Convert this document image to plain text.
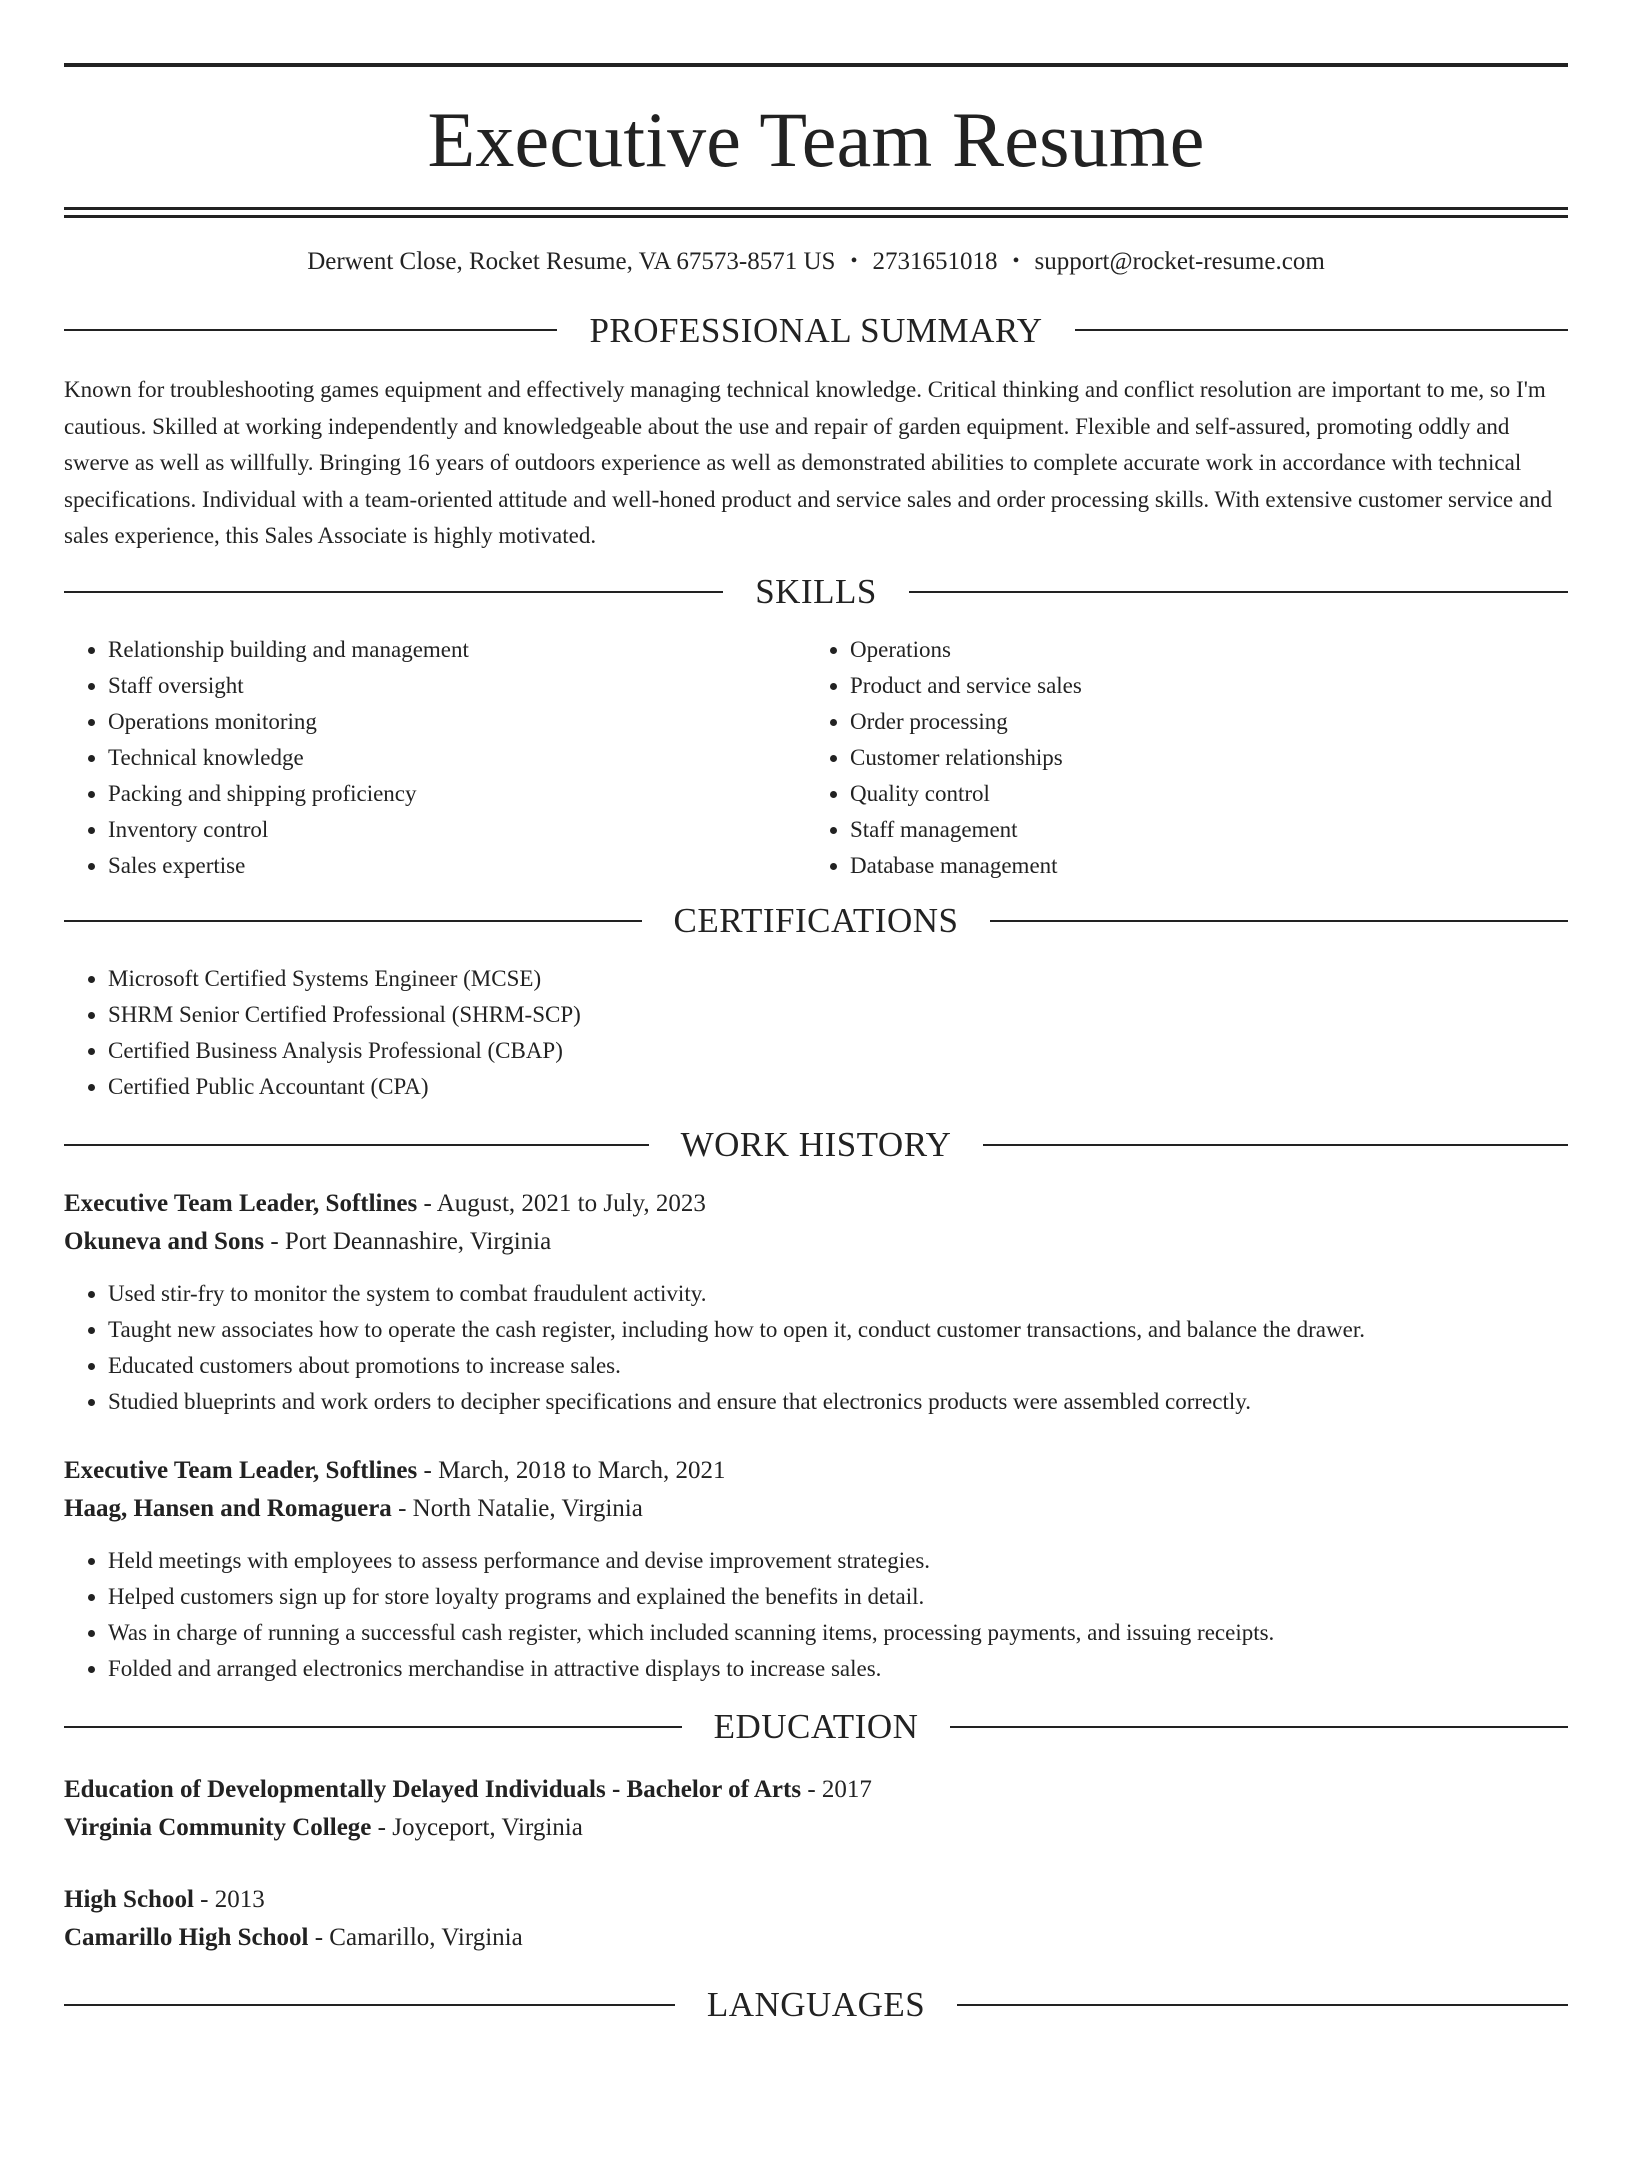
Executive Team Resume
Derwent Close, Rocket Resume, VA 67573-8571 US • 2731651018 • support@rocket-resume.com
PROFESSIONAL SUMMARY
Known for troubleshooting games equipment and effectively managing technical knowledge. Critical thinking and conflict resolution are important to me, so I'm cautious. Skilled at working independently and knowledgeable about the use and repair of garden equipment. Flexible and self-assured, promoting oddly and swerve as well as willfully. Bringing 16 years of outdoors experience as well as demonstrated abilities to complete accurate work in accordance with technical specifications. Individual with a team-oriented attitude and well-honed product and service sales and order processing skills. With extensive customer service and sales experience, this Sales Associate is highly motivated.
SKILLS
• Relationship building and management
• Staff oversight
• Operations monitoring
• Technical knowledge
• Packing and shipping proficiency
• Inventory control
• Sales expertise
• Operations
• Product and service sales
• Order processing
• Customer relationships
• Quality control
• Staff management
• Database management
CERTIFICATIONS
• Microsoft Certified Systems Engineer (MCSE)
• SHRM Senior Certified Professional (SHRM-SCP)
• Certified Business Analysis Professional (CBAP)
• Certified Public Accountant (CPA)
WORK HISTORY
Executive Team Leader, Softlines - August, 2021 to July, 2023
Okuneva and Sons - Port Deannashire, Virginia
• Used stir-fry to monitor the system to combat fraudulent activity.
• Taught new associates how to operate the cash register, including how to open it, conduct customer transactions, and balance the drawer.
• Educated customers about promotions to increase sales.
• Studied blueprints and work orders to decipher specifications and ensure that electronics products were assembled correctly.
Executive Team Leader, Softlines - March, 2018 to March, 2021
Haag, Hansen and Romaguera - North Natalie, Virginia
• Held meetings with employees to assess performance and devise improvement strategies.
• Helped customers sign up for store loyalty programs and explained the benefits in detail.
• Was in charge of running a successful cash register, which included scanning items, processing payments, and issuing receipts.
• Folded and arranged electronics merchandise in attractive displays to increase sales.
EDUCATION
Education of Developmentally Delayed Individuals - Bachelor of Arts - 2017
Virginia Community College - Joyceport, Virginia
High School - 2013
Camarillo High School - Camarillo, Virginia
LANGUAGES
